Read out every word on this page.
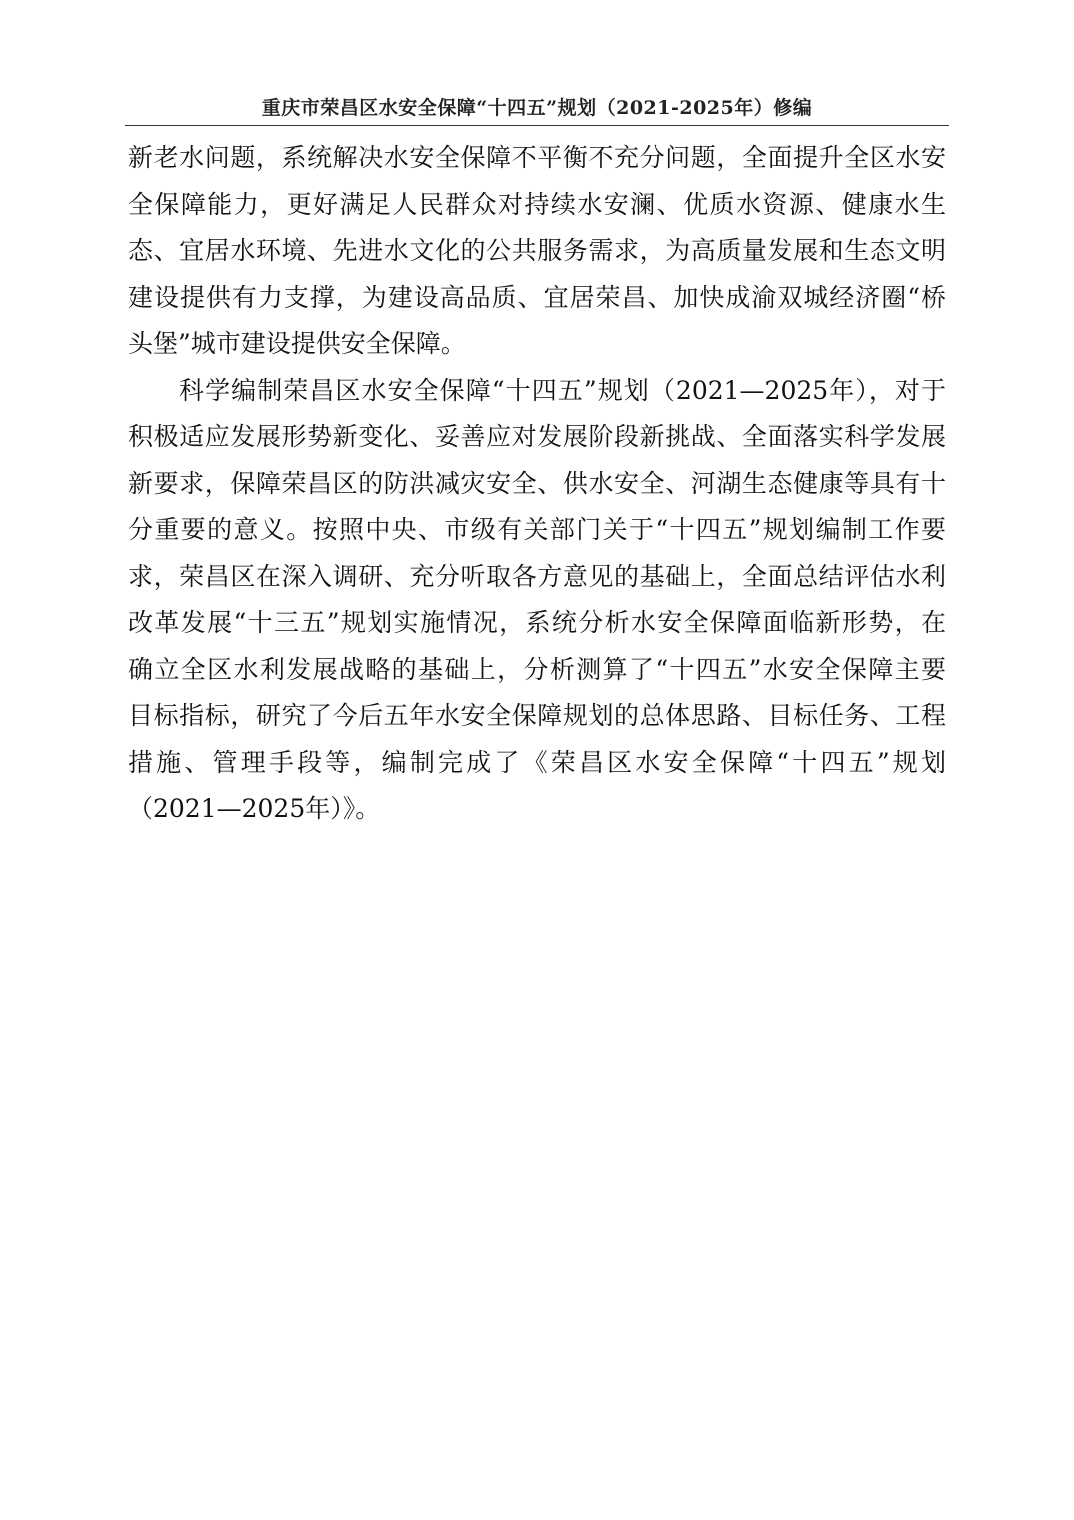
重庆市荣昌区水安全保障“十四五”规划（2021-2025年）修编
新老水问题，系统解决水安全保障不平衡不充分问题，全面提升全区水安
全保障能力，更好满足人民群众对持续水安澜、优质水资源、健康水生
态、宜居水环境、先进水文化的公共服务需求，为高质量发展和生态文明
建设提供有力支撑，为建设高品质、宜居荣昌、加快成渝双城经济圈“桥
头堡”城市建设提供安全保障。
科学编制荣昌区水安全保障“十四五”规划（2021—2025年），对于
积极适应发展形势新变化、妥善应对发展阶段新挑战、全面落实科学发展
新要求，保障荣昌区的防洪减灾安全、供水安全、河湖生态健康等具有十
分重要的意义。按照中央、市级有关部门关于“十四五”规划编制工作要
求，荣昌区在深入调研、充分听取各方意见的基础上，全面总结评估水利
改革发展“十三五”规划实施情况，系统分析水安全保障面临新形势，在
确立全区水利发展战略的基础上，分析测算了“十四五”水安全保障主要
目标指标，研究了今后五年水安全保障规划的总体思路、目标任务、工程
措施、管理手段等，编制完成了《荣昌区水安全保障“十四五”规划
（2021—2025年）》。
